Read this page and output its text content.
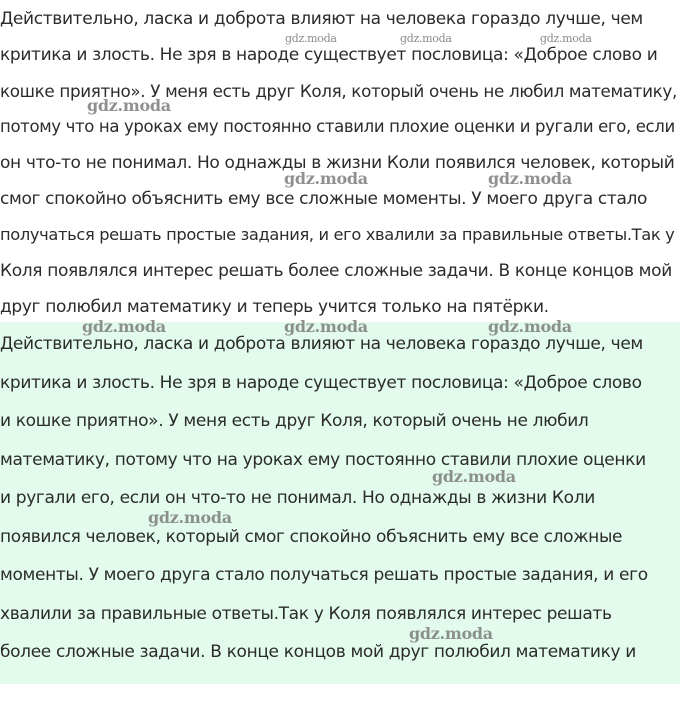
Действительно, ласка и доброта влияют на человека гораздо лучше, чем

критика и злость. Не зря в народе существует пословица: «Доброе слово и

кошке приятно». У меня есть друг Коля, который очень не любил математику,

потому что на уроках ему постоянно ставили плохие оценки и ругали его, если

он что-то не понимал. Но однажды в жизни Коли появился человек, который

смог спокойно объяснить ему все сложные моменты. У моего друга стало

получаться решать простые задания, и его хвалили за правильные ответы.Так у

Коля появлялся интерес решать более сложные задачи. В конце концов мой

друг полюбил математику и теперь учится только на пятёрки.

gdz.moda	gdz.moda	gdz.moda
gdz.moda
gdz.moda	gdz.moda

Действительно, ласка и доброта влияют на человека гораздо лучше, чем

критика и злость. Не зря в народе существует пословица: «Доброе слово

и кошке приятно». У меня есть друг Коля, который очень не любил

математику, потому что на уроках ему постоянно ставили плохие оценки

и ругали его, если он что-то не понимал. Но однажды в жизни Коли

появился человек, который смог спокойно объяснить ему все сложные

моменты. У моего друга стало получаться решать простые задания, и его

хвалили за правильные ответы.Так у Коля появлялся интерес решать

более сложные задачи. В конце концов мой друг полюбил математику и

gdz.moda	gdz.moda	gdz.moda
gdz.moda
gdz.moda
gdz.moda
